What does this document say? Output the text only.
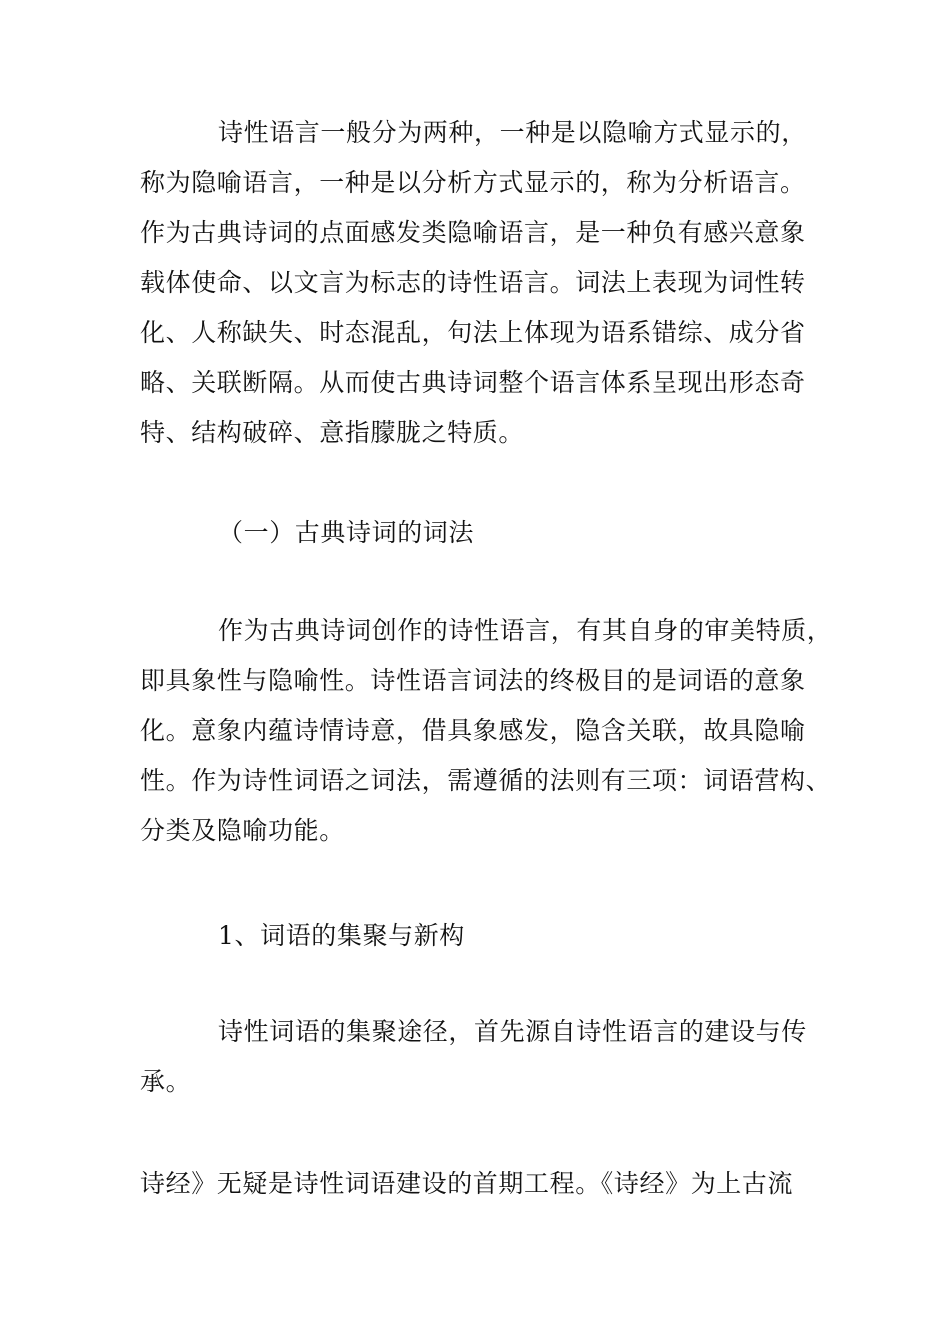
诗性语言一般分为两种，一种是以隐喻方式显示的，
称为隐喻语言，一种是以分析方式显示的，称为分析语言。
作为古典诗词的点面感发类隐喻语言，是一种负有感兴意象
载体使命、以文言为标志的诗性语言。词法上表现为词性转
化、人称缺失、时态混乱，句法上体现为语系错综、成分省
略、关联断隔。从而使古典诗词整个语言体系呈现出形态奇
特、结构破碎、意指朦胧之特质。
（一）古典诗词的词法
作为古典诗词创作的诗性语言，有其自身的审美特质，
即具象性与隐喻性。诗性语言词法的终极目的是词语的意象
化。意象内蕴诗情诗意，借具象感发，隐含关联，故具隐喻
性。作为诗性词语之词法，需遵循的法则有三项：词语营构、
分类及隐喻功能。
1、词语的集聚与新构
诗性词语的集聚途径，首先源自诗性语言的建设与传
承。
诗经》无疑是诗性词语建设的首期工程。《诗经》为上古流
